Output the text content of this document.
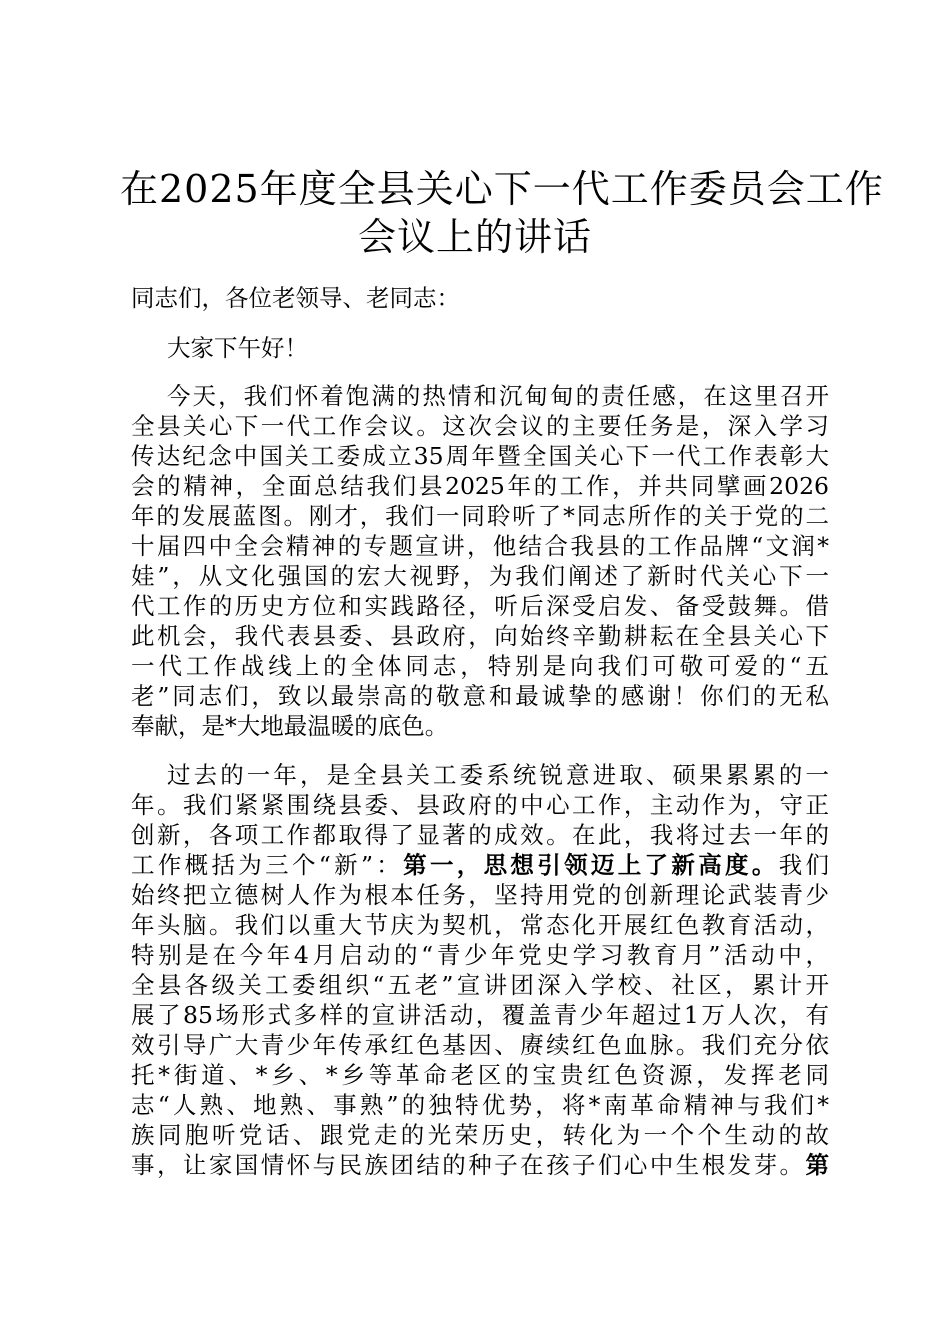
在2025年度全县关心下一代工作委员会工作
会议上的讲话
同志们，各位老领导、老同志：
大家下午好！
今天，我们怀着饱满的热情和沉甸甸的责任感，在这里召开
全县关心下一代工作会议。这次会议的主要任务是，深入学习
传达纪念中国关工委成立35周年暨全国关心下一代工作表彰大
会的精神，全面总结我们县2025年的工作，并共同擘画2026
年的发展蓝图。刚才，我们一同聆听了*同志所作的关于党的二
十届四中全会精神的专题宣讲，他结合我县的工作品牌“文润*
娃”，从文化强国的宏大视野，为我们阐述了新时代关心下一
代工作的历史方位和实践路径，听后深受启发、备受鼓舞。借
此机会，我代表县委、县政府，向始终辛勤耕耘在全县关心下
一代工作战线上的全体同志，特别是向我们可敬可爱的“五
老”同志们，致以最崇高的敬意和最诚挚的感谢！你们的无私
奉献，是*大地最温暖的底色。
过去的一年，是全县关工委系统锐意进取、硕果累累的一
年。我们紧紧围绕县委、县政府的中心工作，主动作为，守正
创新，各项工作都取得了显著的成效。在此，我将过去一年的
工作概括为三个“新”：第一，思想引领迈上了新高度。我们
始终把立德树人作为根本任务，坚持用党的创新理论武装青少
年头脑。我们以重大节庆为契机，常态化开展红色教育活动，
特别是在今年4月启动的“青少年党史学习教育月”活动中，
全县各级关工委组织“五老”宣讲团深入学校、社区，累计开
展了85场形式多样的宣讲活动，覆盖青少年超过1万人次，有
效引导广大青少年传承红色基因、赓续红色血脉。我们充分依
托*街道、*乡、*乡等革命老区的宝贵红色资源，发挥老同
志“人熟、地熟、事熟”的独特优势，将*南革命精神与我们*
族同胞听党话、跟党走的光荣历史，转化为一个个生动的故
事，让家国情怀与民族团结的种子在孩子们心中生根发芽。第
